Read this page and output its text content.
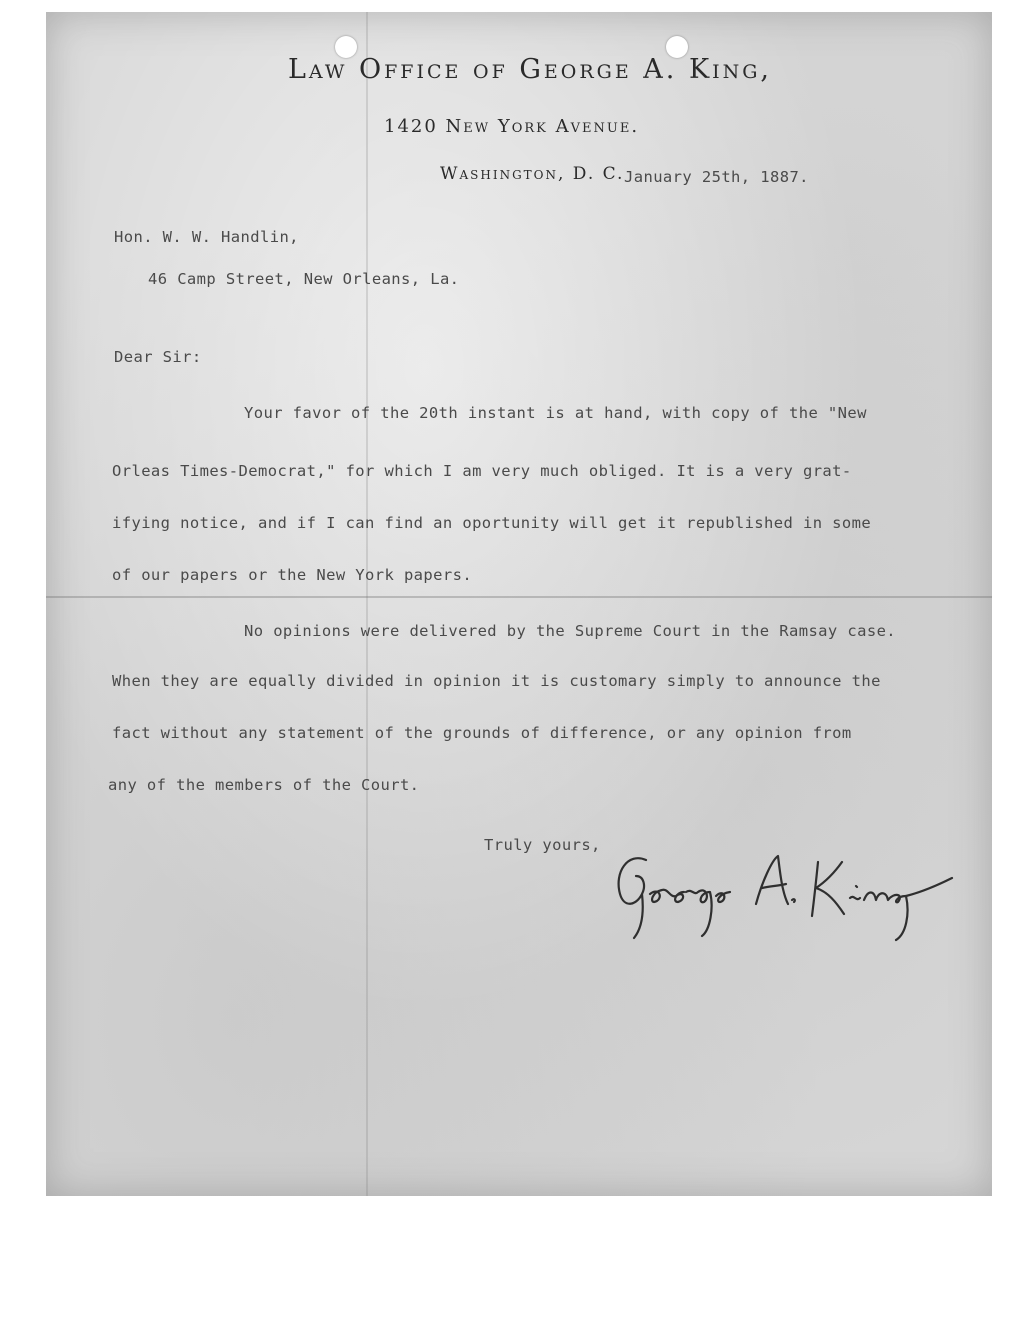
Law Office of George A. King,
1420 New York Avenue.
Washington, D. C. January 25th, 1887.
Hon. W. W. Handlin,
46 Camp Street, New Orleans, La.
Dear Sir:
Your favor of the 20th instant is at hand, with copy of the "New
Orleas Times-Democrat," for which I am very much obliged. It is a very grat-
ifying notice, and if I can find an oportunity will get it republished in some
of our papers or the New York papers.
No opinions were delivered by the Supreme Court in the Ramsay case.
When they are equally divided in opinion it is customary simply to announce the
fact without any statement of the grounds of difference, or any opinion from
any of the members of the Court.
Truly yours,
